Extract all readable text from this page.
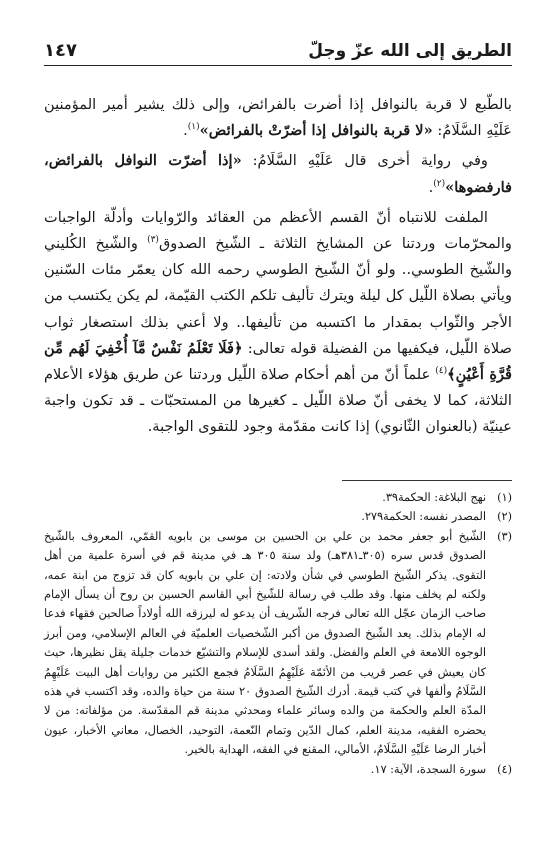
الطريق إلى الله عزّ وجلّ
١٤٧

بالطّبع لا قربة بالنوافل إذا أضرت بالفرائض، وإلى ذلك يشير أمير المؤمنين عَلَيْهِ السَّلَامُ: «لا قربة بالنوافل إذا أضرّتْ بالفرائض»$^{(١)}$.

وفي رواية أخرى قال عَلَيْهِ السَّلَامُ: «إذا أضرّت النوافل بالفرائض، فارفضوها»$^{(٢)}$.

الملفت للانتباه أنّ القسم الأعظم من العقائد والرّوايات وأدلّة الواجبات والمحرّمات وردتنا عن المشايخ الثلاثة ـ الشّيخ الصدوق$^{(٣)}$ والشّيخ الكُليني والشّيخ الطوسي.. ولو أنّ الشّيخ الطوسي رحمه الله كان يعمّر مئات السّنين ويأتي بصلاة اللّيل كل ليلة ويترك تأليف تلكم الكتب القيّمة، لم يكن يكتسب من الأجر والثّواب بمقدار ما اكتسبه من تأليفها.. ولا أعني بذلك استصغار ثواب صلاة اللّيل، فيكفيها من الفضيلة قوله تعالى: ﴿فَلَا تَعْلَمُ نَفْسٌ مَّآ أُخْفِيَ لَهُم مِّن قُرَّةِ أَعْيُنٍ﴾$^{(٤)}$ علماً أنّ من أهم أحكام صلاة اللّيل وردتنا عن طريق هؤلاء الأعلام الثلاثة، كما لا يخفى أنّ صلاة اللّيل ـ كغيرها من المستحبّات ـ قد تكون واجبة عينيّة (بالعنوان الثّانوي) إذا كانت مقدّمة وجود للتقوى الواجبة.

(١)
نهج البلاغة: الحكمة٣٩.
(٢)
المصدر نفسه: الحكمة٢٧٩.
(٣)
الشّيخ أبو جعفر محمد بن علي بن الحسين بن موسى بن بابويه القمّي، المعروف بالشّيخ الصدوق قدس سره (٣٠٥ـ٣٨١هـ) ولد سنة ٣٠٥ هـ في مدينة قم في أسرة علمية من أهل التقوى. يذكر الشّيخ الطوسي في شأن ولادته: إن علي بن بابويه كان قد تزوج من ابنة عمه، ولكنه لم يخلف منها. وقد طلب في رسالة للشّيخ أبي القاسم الحسين بن روح أن يسأل الإمام صاحب الزمان عجّل الله تعالى فرجه الشّريف أن يدعو له ليرزقه الله أولاداً صالحين فقهاء فدعا له الإمام بذلك. يعد الشّيخ الصدوق من أكبر الشّخصيات العلميّة في العالم الإسلامي، ومن أبرز الوجوه اللامعة في العلم والفضل. ولقد أسدى للإسلام والتشيّع خدمات جليلة يقل نظيرها، حيث كان يعيش في عصر قريب من الأئمّة عَلَيْهِمُ السَّلَامُ فجمع الكثير من روايات أهل البيت عَلَيْهِمُ السَّلَامُ وألفها في كتب قيمة. أدرك الشّيخ الصدوق ٢٠ سنة من حياة والده، وقد اكتسب في هذه المدّة العلم والحكمة من والده وسائر علماء ومحدثي مدينة قم المقدّسة. من مؤلفاته: من لا يحضره الفقيه، مدينة العلم، كمال الدّين وتمام النّعمة، التوحيد، الخصال، معاني الأخبار، عيون أخبار الرضا عَلَيْهِ السَّلَامُ، الأمالي، المقنع في الفقه، الهداية بالخير.
(٤)
سورة السجدة، الآية: ١٧.
